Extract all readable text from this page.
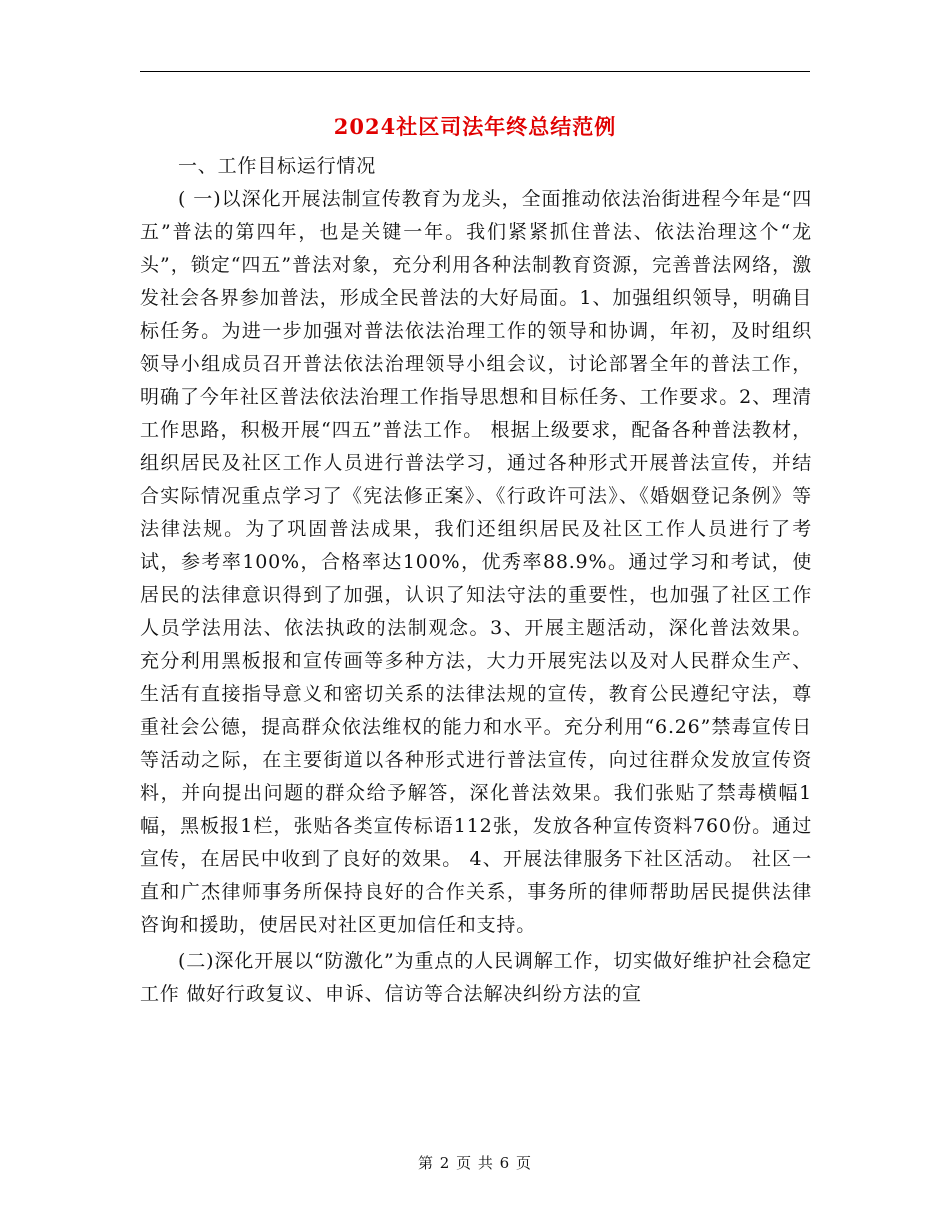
2024社区司法年终总结范例

一、工作目标运行情况

( 一)以深化开展法制宣传教育为龙头，全面推动依法治街进程今年是“四五”普法的第四年，也是关键一年。我们紧紧抓住普法、依法治理这个“龙头”，锁定“四五”普法对象，充分利用各种法制教育资源，完善普法网络，激发社会各界参加普法，形成全民普法的大好局面。1、加强组织领导，明确目标任务。为进一步加强对普法依法治理工作的领导和协调，年初，及时组织领导小组成员召开普法依法治理领导小组会议，讨论部署全年的普法工作，明确了今年社区普法依法治理工作指导思想和目标任务、工作要求。2、理清工作思路，积极开展“四五”普法工作。 根据上级要求，配备各种普法教材，组织居民及社区工作人员进行普法学习，通过各种形式开展普法宣传，并结合实际情况重点学习了《宪法修正案》、《行政许可法》、《婚姻登记条例》等法律法规。为了巩固普法成果，我们还组织居民及社区工作人员进行了考试，参考率100%，合格率达100%，优秀率88.9%。通过学习和考试，使居民的法律意识得到了加强，认识了知法守法的重要性，也加强了社区工作人员学法用法、依法执政的法制观念。3、开展主题活动，深化普法效果。 充分利用黑板报和宣传画等多种方法，大力开展宪法以及对人民群众生产、生活有直接指导意义和密切关系的法律法规的宣传，教育公民遵纪守法，尊重社会公德，提高群众依法维权的能力和水平。充分利用“6.26”禁毒宣传日等活动之际，在主要街道以各种形式进行普法宣传，向过往群众发放宣传资料，并向提出问题的群众给予解答，深化普法效果。我们张贴了禁毒横幅1幅，黑板报1栏，张贴各类宣传标语112张，发放各种宣传资料760份。通过宣传，在居民中收到了良好的效果。 4、开展法律服务下社区活动。 社区一直和广杰律师事务所保持良好的合作关系，事务所的律师帮助居民提供法律咨询和援助，使居民对社区更加信任和支持。

(二)深化开展以“防激化”为重点的人民调解工作，切实做好维护社会稳定工作 做好行政复议、申诉、信访等合法解决纠纷方法的宣

第 2 页 共 6 页
